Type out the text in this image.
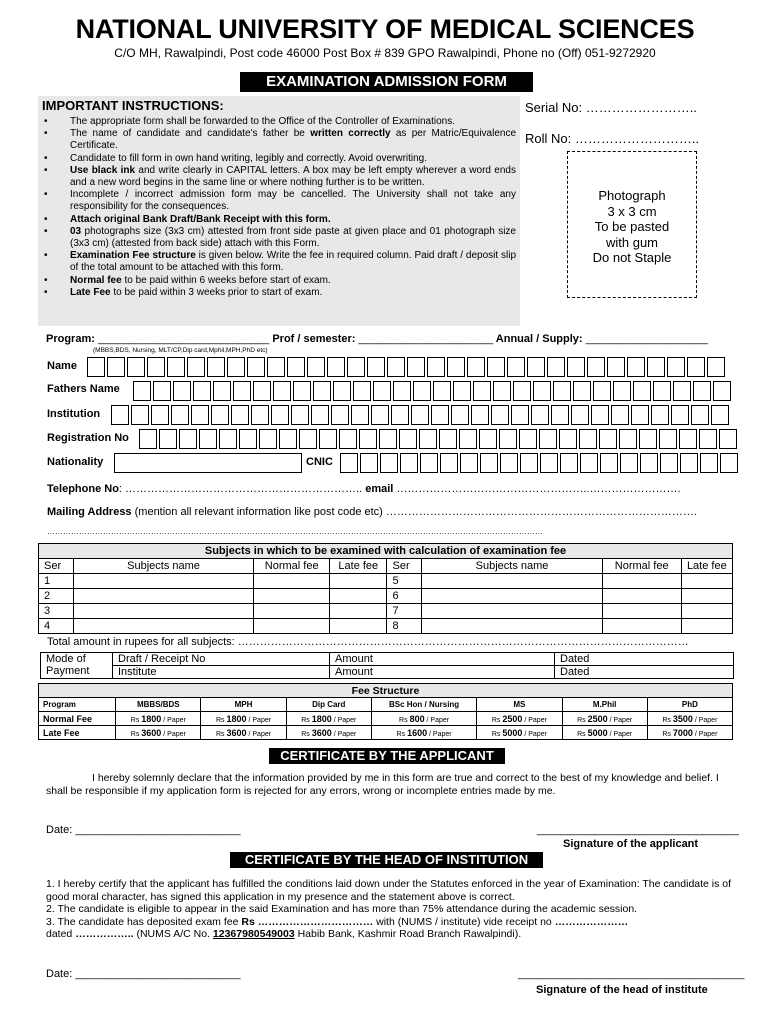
NATIONAL UNIVERSITY OF MEDICAL SCIENCES
C/O MH, Rawalpindi, Post code 46000 Post Box # 839 GPO Rawalpindi, Phone no (Off) 051-9272920
EXAMINATION ADMISSION FORM
IMPORTANT INSTRUCTIONS:
• The appropriate form shall be forwarded to the Office of the Controller of Examinations.
• The name of candidate and candidate's father be written correctly as per Matric/Equivalence Certificate.
• Candidate to fill form in own hand writing, legibly and correctly. Avoid overwriting.
• Use black ink and write clearly in CAPITAL letters. A box may be left empty wherever a word ends and a new word begins in the same line or where nothing further is to be written.
• Incomplete / incorrect admission form may be cancelled. The University shall not take any responsibility for the consequences.
• Attach original Bank Draft/Bank Receipt with this form.
• 03 photographs size (3x3 cm) attested from front side paste at given place and 01 photograph size (3x3 cm) (attested from back side) attach with this Form.
• Examination Fee structure is given below. Write the fee in required column. Paid draft / deposit slip of the total amount to be attached with this form.
• Normal fee to be paid within 6 weeks before start of exam.
• Late Fee to be paid within 3 weeks prior to start of exam.
Serial No: ……………………..
Roll No: ………………………..
Photograph
3 x 3 cm
To be pasted
with gum
Do not Staple
Program: ____________________________ Prof / semester: ______________________ Annual / Supply: ____________________
(MBBS,BDS, Nursing, MLT/CP,Dip card,Mphil,MPH,PhD etc)
Name
Fathers Name
Institution
Registration No
Nationality	CNIC
Telephone No: ……………………………………………………….. email ……………………………………………..…………………….
Mailing Address (mention all relevant information like post code etc) ………………………………………………………………………….
……………………………………………………………………………………………………………………………………………………………………
Subjects in which to be examined with calculation of examination fee							
Ser	Subjects name	Normal fee	Late fee	Ser	Subjects name	Normal fee	Late fee
1				5			
2				6			
3				7			
4				8			
Total amount in rupees for all subjects: ……………………………………………………………………………………………………………
Mode of Payment	Draft / Receipt No	Amount	Dated
	Institute	Amount	Dated
Fee Structure							
Program	MBBS/BDS	MPH	Dip Card	BSc Hon / Nursing	MS	M.Phil	PhD
Normal Fee	Rs 1800 / Paper	Rs 1800 / Paper	Rs 1800 / Paper	Rs 800 / Paper	Rs 2500 / Paper	Rs 2500 / Paper	Rs 3500 / Paper
Late Fee	Rs 3600 / Paper	Rs 3600 / Paper	Rs 3600 / Paper	Rs 1600 / Paper	Rs 5000 / Paper	Rs 5000 / Paper	Rs 7000 / Paper
CERTIFICATE BY THE APPLICANT
I hereby solemnly declare that the information provided by me in this form are true and correct to the best of my knowledge and belief. I shall be responsible if my application form is rejected for any errors, wrong or incomplete entries made by me.
Date: ___________________________	_________________________________
Signature of the applicant
CERTIFICATE BY THE HEAD OF INSTITUTION
1. I hereby certify that the applicant has fulfilled the conditions laid down under the Statutes enforced in the year of Examination: The candidate is of good moral character, has signed this application in my presence and the statement above is correct.
2. The candidate is eligible to appear in the said Examination and has more than 75% attendance during the academic session.
3. The candidate has deposited exam fee Rs …………………………… with (NUMS / institute) vide receipt no …………………
dated …………….. (NUMS A/C No. 12367980549003 Habib Bank, Kashmir Road Branch Rawalpindi).
Date: ___________________________	_____________________________________
Signature of the head of institute
